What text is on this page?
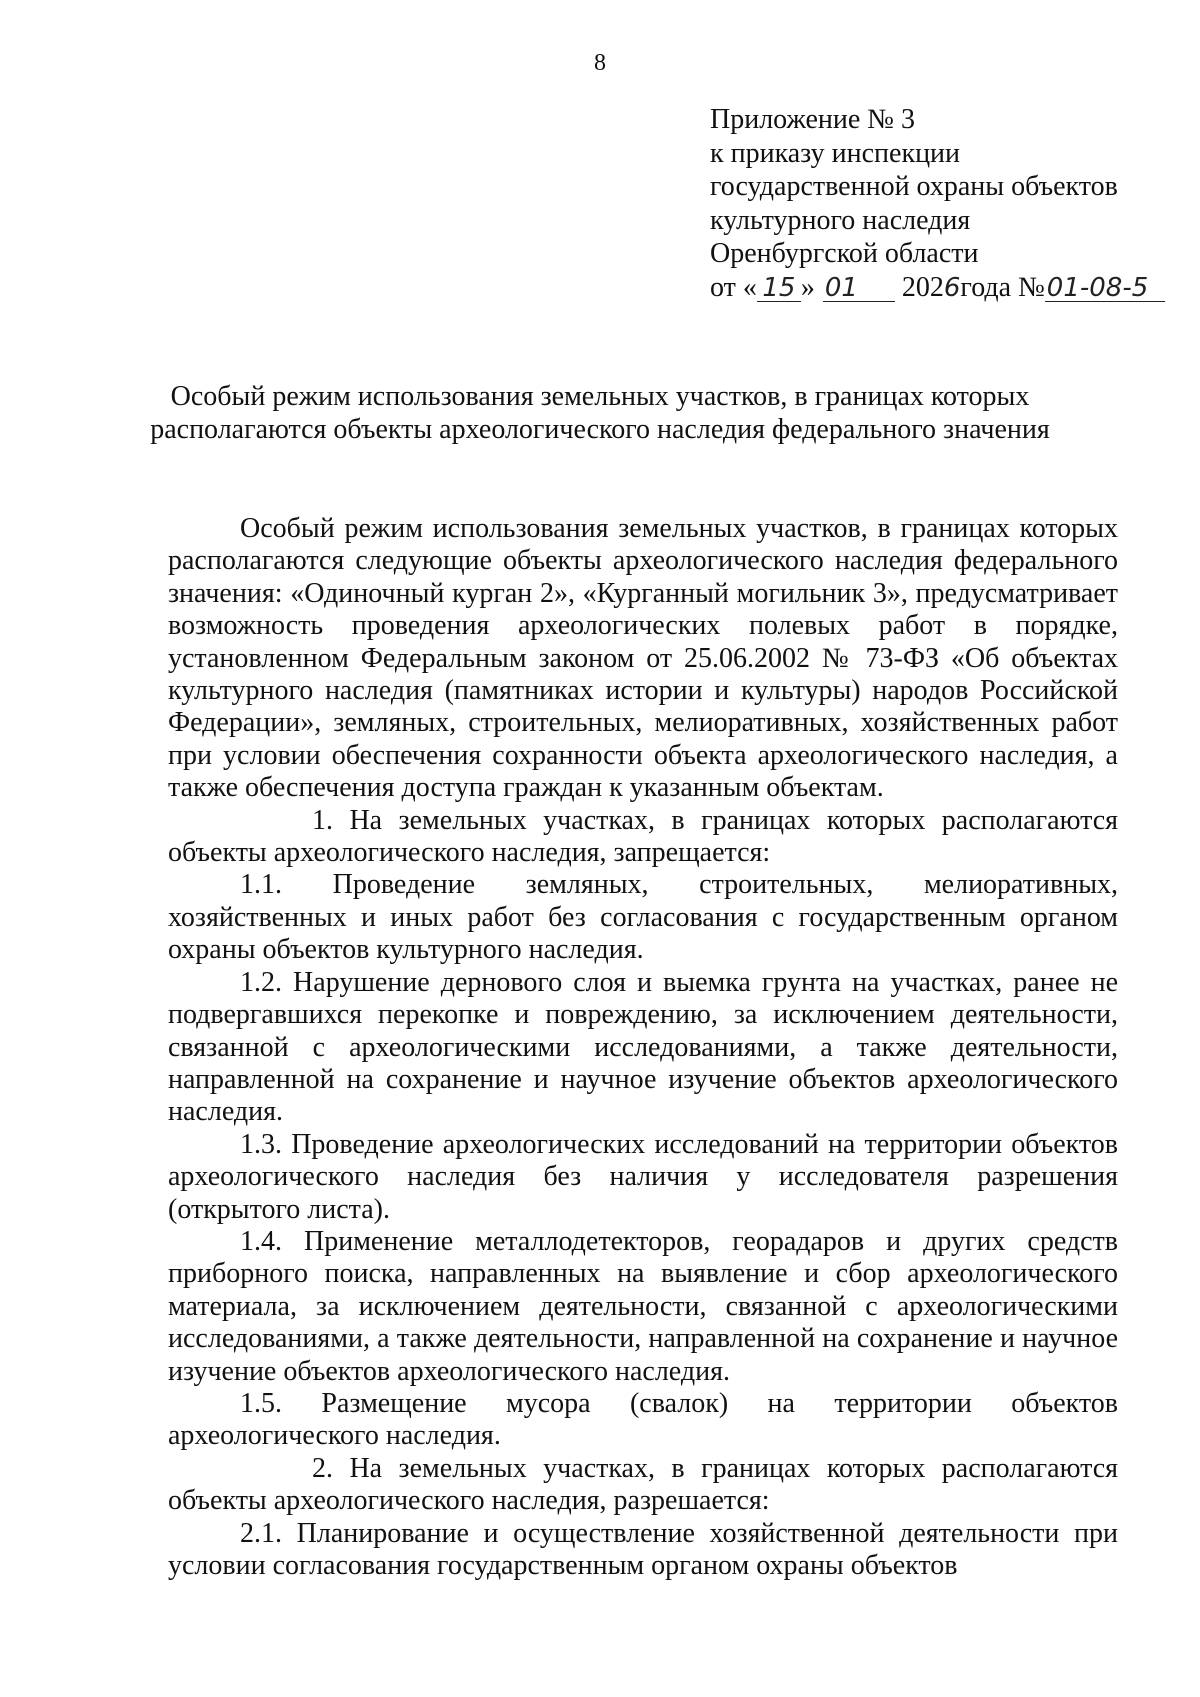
8
Приложение № 3
к приказу инспекции
государственной охраны объектов
культурного наследия
Оренбургской области
от « 15 » 01 2026года №01-08-5
Особый режим использования земельных участков, в границах которых
располагаются объекты археологического наследия федерального значения

Особый режим использования земельных участков, в границах которых располагаются следующие объекты археологического наследия федерального значения: «Одиночный курган 2», «Курганный могильник 3», предусматривает возможность проведения археологических полевых работ в порядке, установленном Федеральным законом от 25.06.2002 № 73-ФЗ «Об объектах культурного наследия (памятниках истории и культуры) народов Российской Федерации», земляных, строительных, мелиоративных, хозяйственных работ при условии обеспечения сохранности объекта археологического наследия, а также обеспечения доступа граждан к указанным объектам.

1. На земельных участках, в границах которых располагаются объекты археологического наследия, запрещается:

1.1. Проведение земляных, строительных, мелиоративных, хозяйственных и иных работ без согласования с государственным органом охраны объектов культурного наследия.

1.2. Нарушение дернового слоя и выемка грунта на участках, ранее не подвергавшихся перекопке и повреждению, за исключением деятельности, связанной с археологическими исследованиями, а также деятельности, направленной на сохранение и научное изучение объектов археологического наследия.

1.3. Проведение археологических исследований на территории объектов археологического наследия без наличия у исследователя разрешения (открытого листа).

1.4. Применение металлодетекторов, георадаров и других средств приборного поиска, направленных на выявление и сбор археологического материала, за исключением деятельности, связанной с археологическими исследованиями, а также деятельности, направленной на сохранение и научное изучение объектов археологического наследия.

1.5. Размещение мусора (свалок) на территории объектов археологического наследия.

2. На земельных участках, в границах которых располагаются объекты археологического наследия, разрешается:

2.1. Планирование и осуществление хозяйственной деятельности при условии согласования государственным органом охраны объектов
